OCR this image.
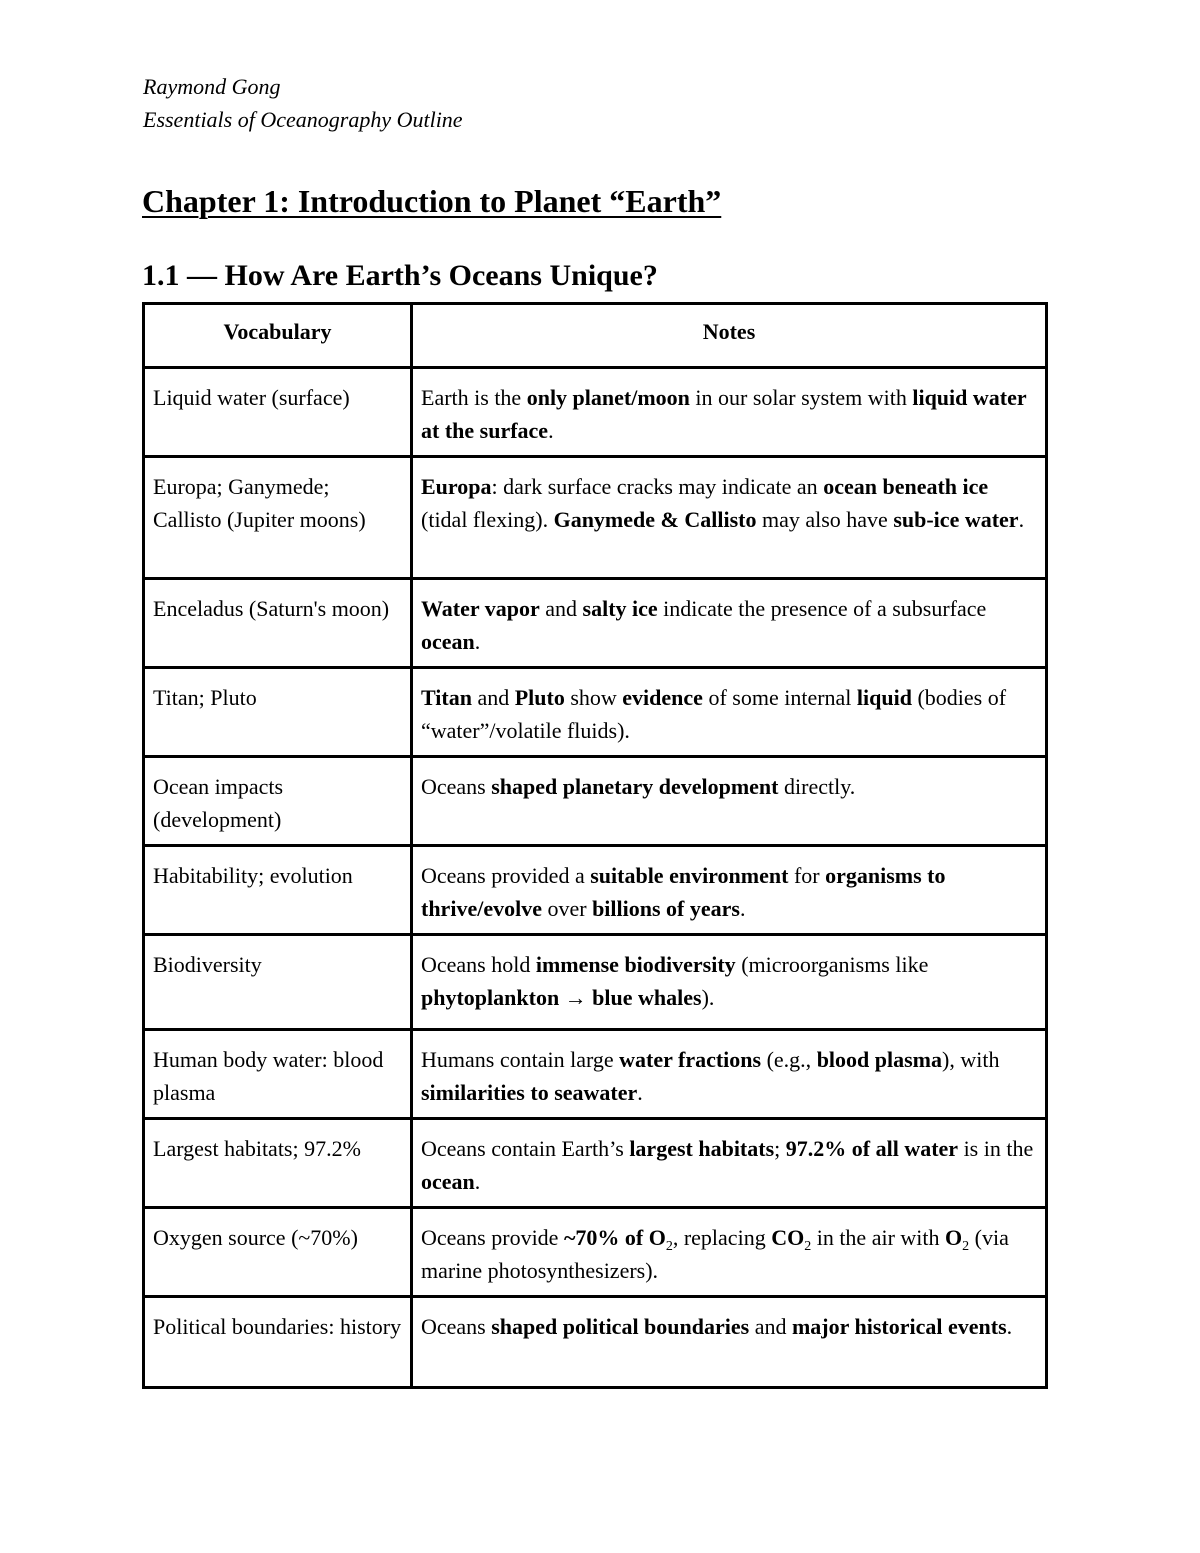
Raymond Gong
Essentials of Oceanography Outline
Chapter 1: Introduction to Planet “Earth”
1.1 — How Are Earth’s Oceans Unique?
Vocabulary	Notes
Liquid water (surface)	Earth is the only planet/moon in our solar system with liquid water at the surface.
Europa; Ganymede; Callisto (Jupiter moons)	Europa: dark surface cracks may indicate an ocean beneath ice (tidal flexing). Ganymede & Callisto may also have sub-ice water.
Enceladus (Saturn's moon)	Water vapor and salty ice indicate the presence of a subsurface ocean.
Titan; Pluto	Titan and Pluto show evidence of some internal liquid (bodies of “water”/volatile fluids).
Ocean impacts (development)	Oceans shaped planetary development directly.
Habitability; evolution	Oceans provided a suitable environment for organisms to thrive/evolve over billions of years.
Biodiversity	Oceans hold immense biodiversity (microorganisms like phytoplankton → blue whales).
Human body water: blood plasma	Humans contain large water fractions (e.g., blood plasma), with similarities to seawater.
Largest habitats; 97.2%	Oceans contain Earth’s largest habitats; 97.2% of all water is in the ocean.
Oxygen source (~70%)	Oceans provide ~70% of $O_2$, replacing $CO_2$ in the air with $O_2$ (via marine photosynthesizers).
Political boundaries: history	Oceans shaped political boundaries and major historical events.
